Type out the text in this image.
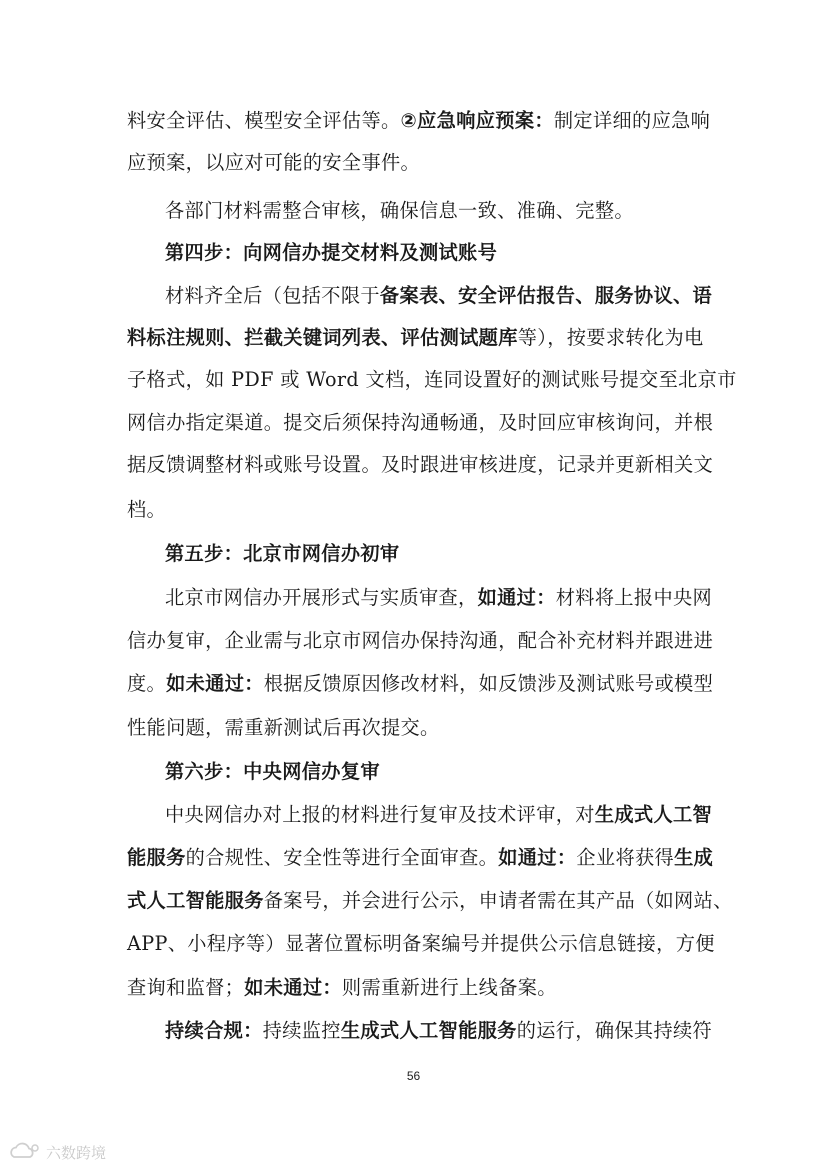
料安全评估、模型安全评估等。②应急响应预案：制定详细的应急响
应预案，以应对可能的安全事件。
各部门材料需整合审核，确保信息一致、准确、完整。
第四步：向网信办提交材料及测试账号
材料齐全后（包括不限于备案表、安全评估报告、服务协议、语
料标注规则、拦截关键词列表、评估测试题库等），按要求转化为电
子格式，如 PDF 或 Word 文档，连同设置好的测试账号提交至北京市
网信办指定渠道。提交后须保持沟通畅通，及时回应审核询问，并根
据反馈调整材料或账号设置。及时跟进审核进度，记录并更新相关文
档。
第五步：北京市网信办初审
北京市网信办开展形式与实质审查，如通过：材料将上报中央网
信办复审，企业需与北京市网信办保持沟通，配合补充材料并跟进进
度。如未通过：根据反馈原因修改材料，如反馈涉及测试账号或模型
性能问题，需重新测试后再次提交。
第六步：中央网信办复审
中央网信办对上报的材料进行复审及技术评审，对生成式人工智
能服务的合规性、安全性等进行全面审查。如通过：企业将获得生成
式人工智能服务备案号，并会进行公示，申请者需在其产品（如网站、
APP、小程序等）显著位置标明备案编号并提供公示信息链接，方便
查询和监督；如未通过：则需重新进行上线备案。
持续合规：持续监控生成式人工智能服务的运行，确保其持续符
56
六数跨境
